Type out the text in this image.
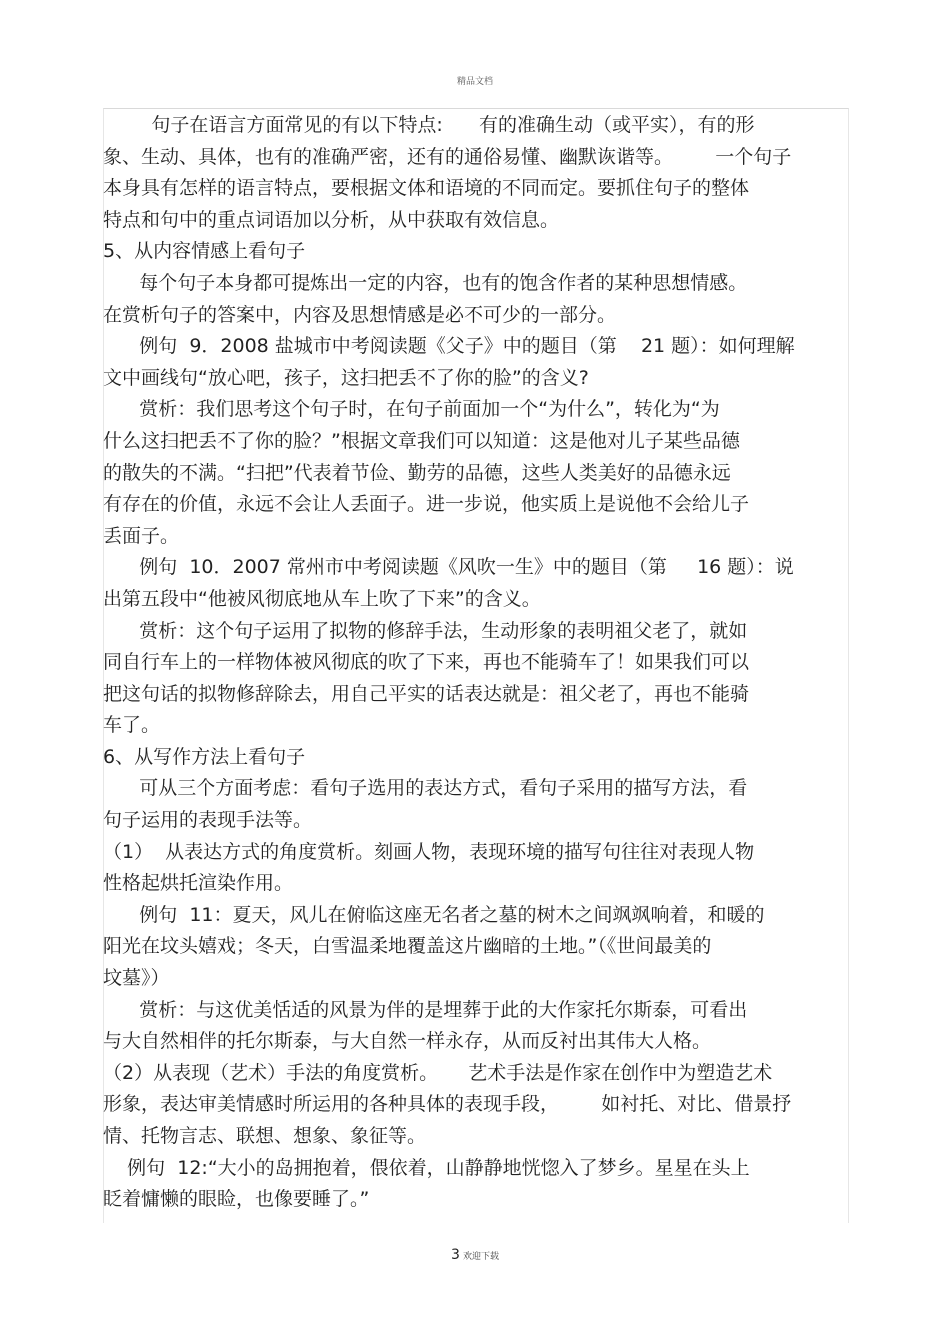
精品文档
句子在语言方面常见的有以下特点:      有的准确生动（或平实），有的形
象、生动、具体，也有的准确严密，还有的通俗易懂、幽默诙谐等。       一个句子
本身具有怎样的语言特点，要根据文体和语境的不同而定。要抓住句子的整体
特点和句中的重点词语加以分析，从中获取有效信息。
5、从内容情感上看句子
每个句子本身都可提炼出一定的内容，也有的饱含作者的某种思想情感。
在赏析句子的答案中，内容及思想情感是必不可少的一部分。
例句  9．2008 盐城市中考阅读题《父子》中的题目（第    21 题）：如何理解
文中画线句“放心吧，孩子，这扫把丢不了你的脸”的含义?
赏析：我们思考这个句子时，在句子前面加一个“为什么”，转化为“为
什么这扫把丢不了你的脸？”根据文章我们可以知道：这是他对儿子某些品德
的散失的不满。“扫把”代表着节俭、勤劳的品德，这些人类美好的品德永远
有存在的价值，永远不会让人丢面子。进一步说，他实质上是说他不会给儿子
丢面子。
例句  10．2007 常州市中考阅读题《风吹一生》中的题目（第     16 题）：说
出第五段中“他被风彻底地从车上吹了下来”的含义。
赏析：这个句子运用了拟物的修辞手法，生动形象的表明祖父老了，就如
同自行车上的一样物体被风彻底的吹了下来，再也不能骑车了！如果我们可以
把这句话的拟物修辞除去，用自己平实的话表达就是：祖父老了，再也不能骑
车了。
6、从写作方法上看句子
可从三个方面考虑：看句子选用的表达方式，看句子采用的描写方法，看
句子运用的表现手法等。
（1）  从表达方式的角度赏析。刻画人物，表现环境的描写句往往对表现人物
性格起烘托渲染作用。
例句  11：夏天，风儿在俯临这座无名者之墓的树木之间飒飒响着，和暖的
阳光在坟头嬉戏；冬天，白雪温柔地覆盖这片幽暗的土地。”（《世间最美的
坟墓》）
赏析：与这优美恬适的风景为伴的是埋葬于此的大作家托尔斯泰，可看出
与大自然相伴的托尔斯泰，与大自然一样永存，从而反衬出其伟大人格。
（2）从表现（艺术）手法的角度赏析。     艺术手法是作家在创作中为塑造艺术
形象，表达审美情感时所运用的各种具体的表现手段，       如衬托、对比、借景抒
情、托物言志、联想、想象、象征等。
例句  12:“大小的岛拥抱着，偎依着，山静静地恍惚入了梦乡。星星在头上
眨着慵懒的眼睑，也像要睡了。”
3 欢迎下载
